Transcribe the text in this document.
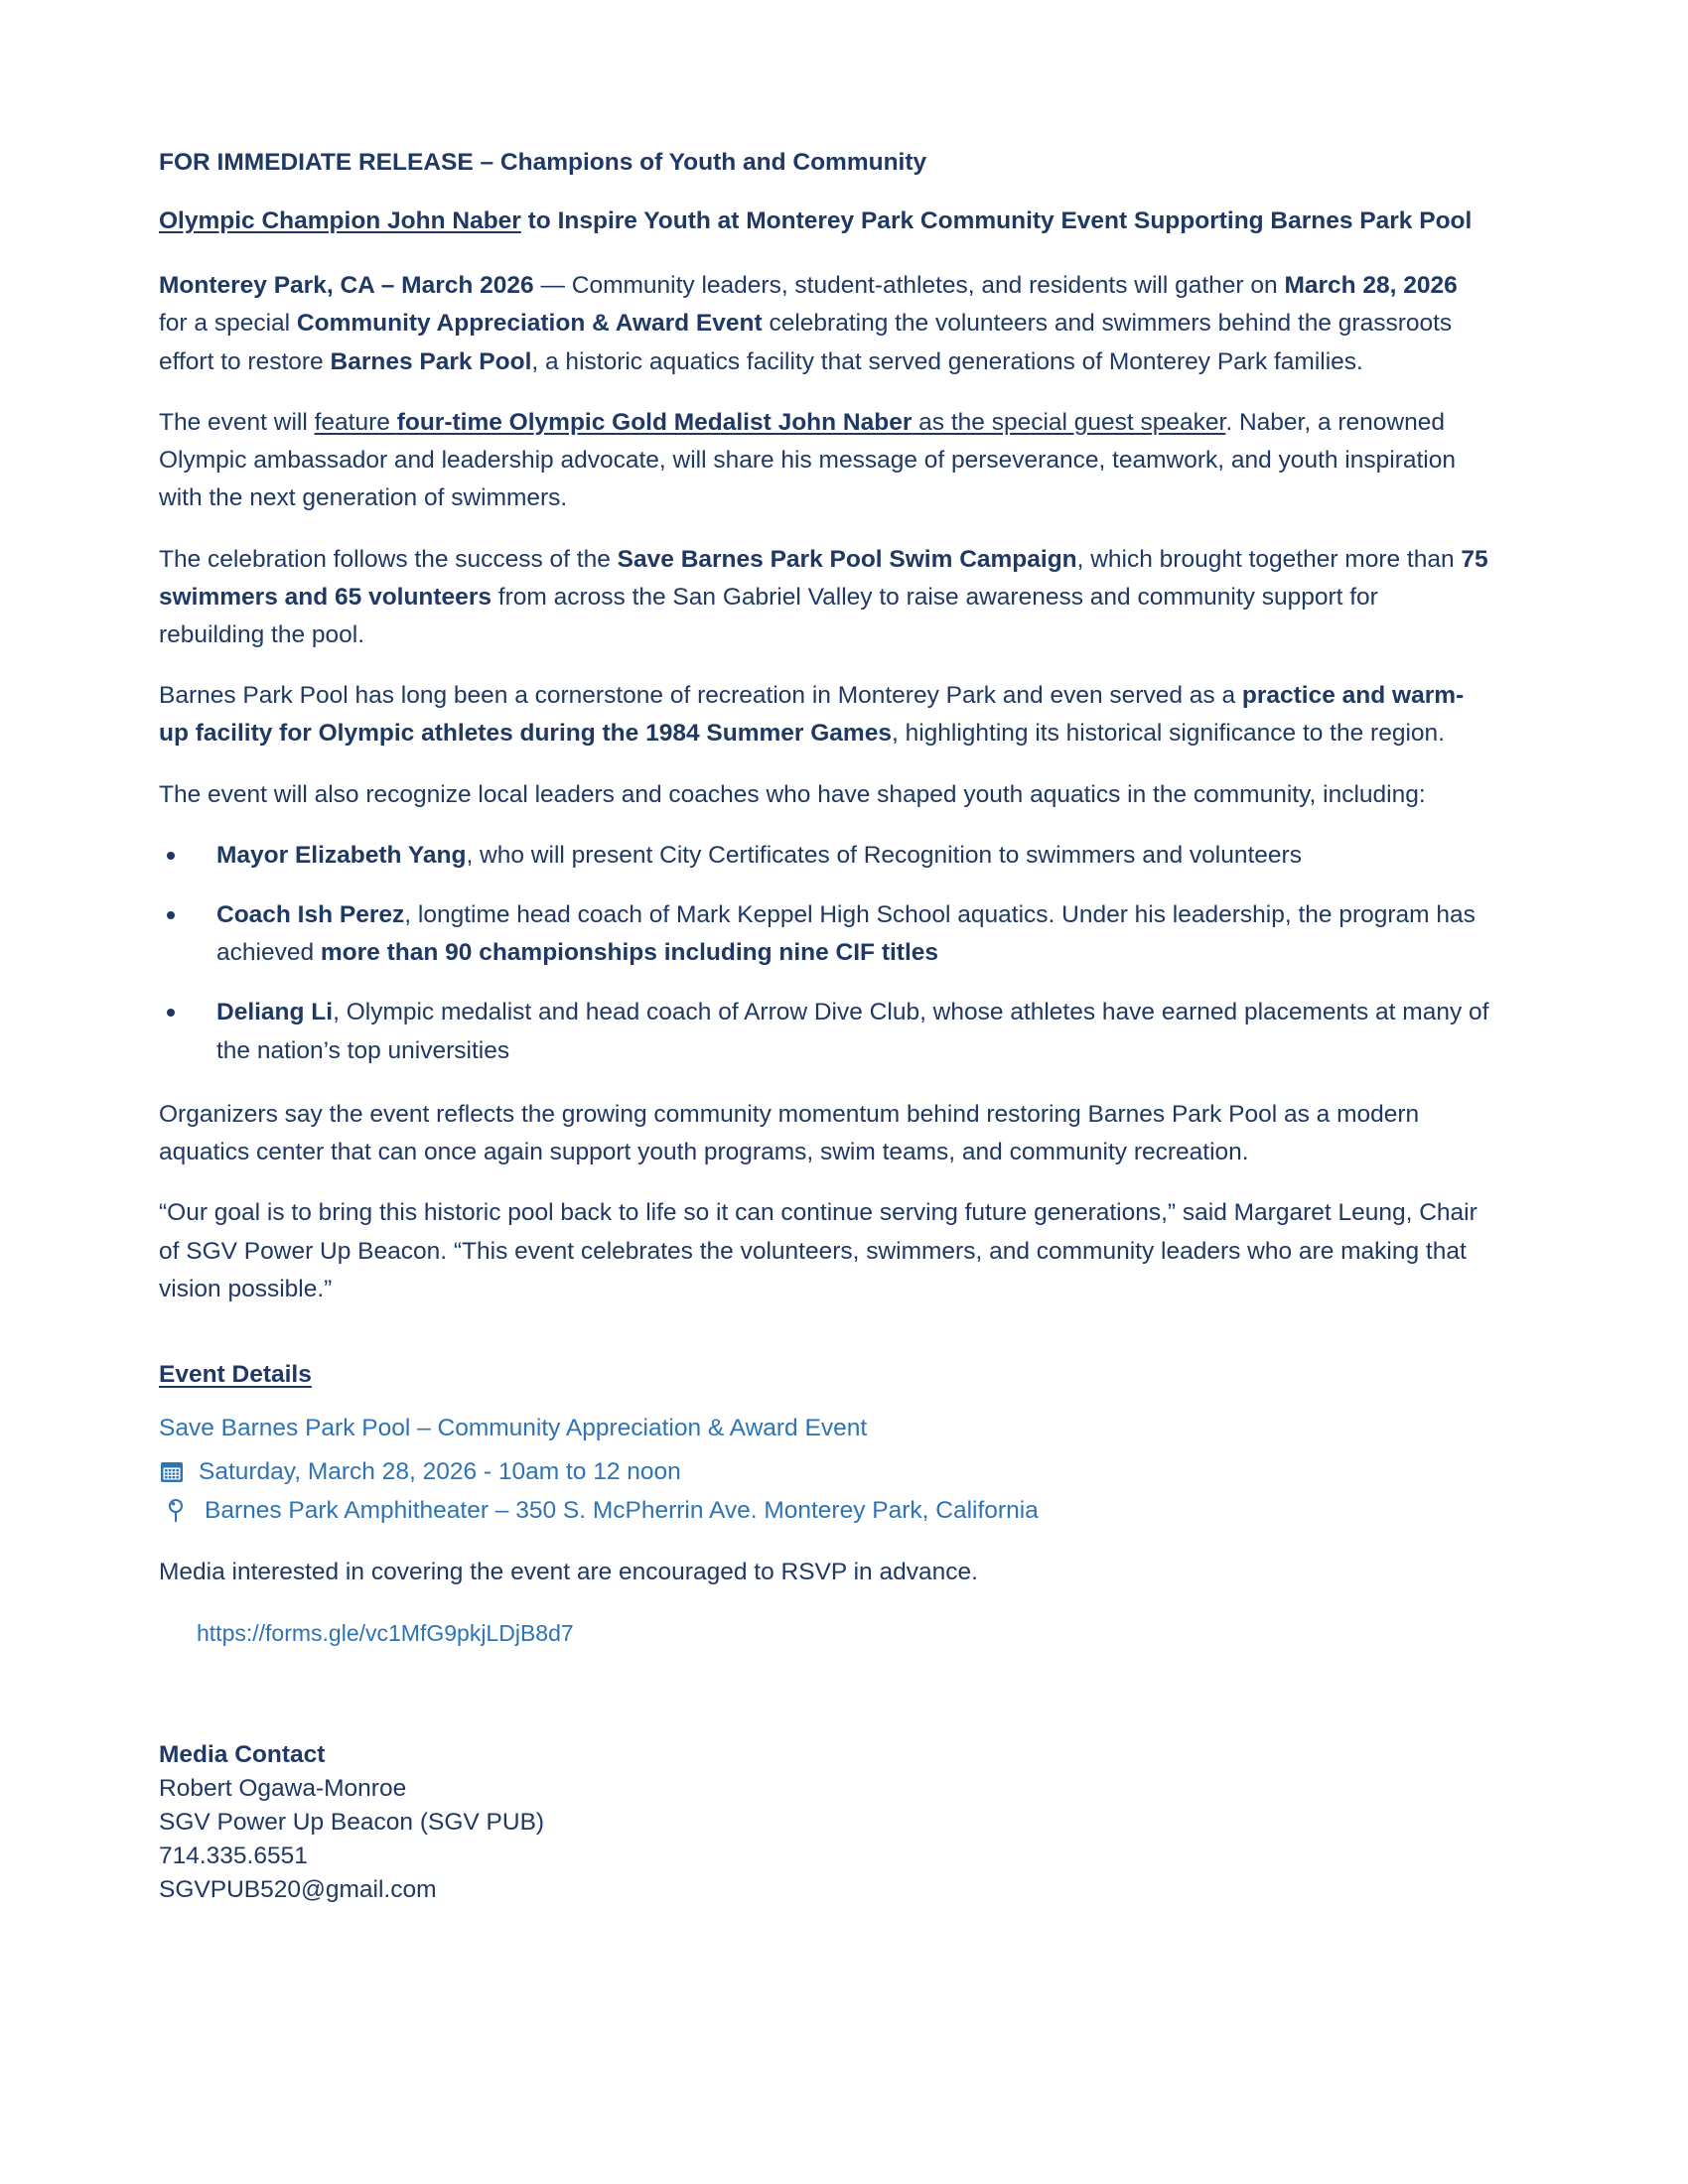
FOR IMMEDIATE RELEASE – Champions of Youth and Community

Olympic Champion John Naber to Inspire Youth at Monterey Park Community Event Supporting Barnes Park Pool

Monterey Park, CA – March 2026 — Community leaders, student-athletes, and residents will gather on March 28, 2026 for a special Community Appreciation & Award Event celebrating the volunteers and swimmers behind the grassroots effort to restore Barnes Park Pool, a historic aquatics facility that served generations of Monterey Park families.

The event will feature four-time Olympic Gold Medalist John Naber as the special guest speaker. Naber, a renowned Olympic ambassador and leadership advocate, will share his message of perseverance, teamwork, and youth inspiration with the next generation of swimmers.

The celebration follows the success of the Save Barnes Park Pool Swim Campaign, which brought together more than 75 swimmers and 65 volunteers from across the San Gabriel Valley to raise awareness and community support for rebuilding the pool.

Barnes Park Pool has long been a cornerstone of recreation in Monterey Park and even served as a practice and warm-up facility for Olympic athletes during the 1984 Summer Games, highlighting its historical significance to the region.

The event will also recognize local leaders and coaches who have shaped youth aquatics in the community, including:

Mayor Elizabeth Yang, who will present City Certificates of Recognition to swimmers and volunteers
Coach Ish Perez, longtime head coach of Mark Keppel High School aquatics. Under his leadership, the program has achieved more than 90 championships including nine CIF titles
Deliang Li, Olympic medalist and head coach of Arrow Dive Club, whose athletes have earned placements at many of the nation’s top universities

Organizers say the event reflects the growing community momentum behind restoring Barnes Park Pool as a modern aquatics center that can once again support youth programs, swim teams, and community recreation.

“Our goal is to bring this historic pool back to life so it can continue serving future generations,” said Margaret Leung, Chair of SGV Power Up Beacon. “This event celebrates the volunteers, swimmers, and community leaders who are making that vision possible.”

Event Details
Save Barnes Park Pool – Community Appreciation & Award Event
Saturday, March 28, 2026 - 10am to 12 noon
Barnes Park Amphitheater – 350 S. McPherrin Ave. Monterey Park, California

Media interested in covering the event are encouraged to RSVP in advance.

https://forms.gle/vc1MfG9pkjLDjB8d7
Media Contact
Robert Ogawa-Monroe
SGV Power Up Beacon (SGV PUB)
714.335.6551
SGVPUB520@gmail.com
